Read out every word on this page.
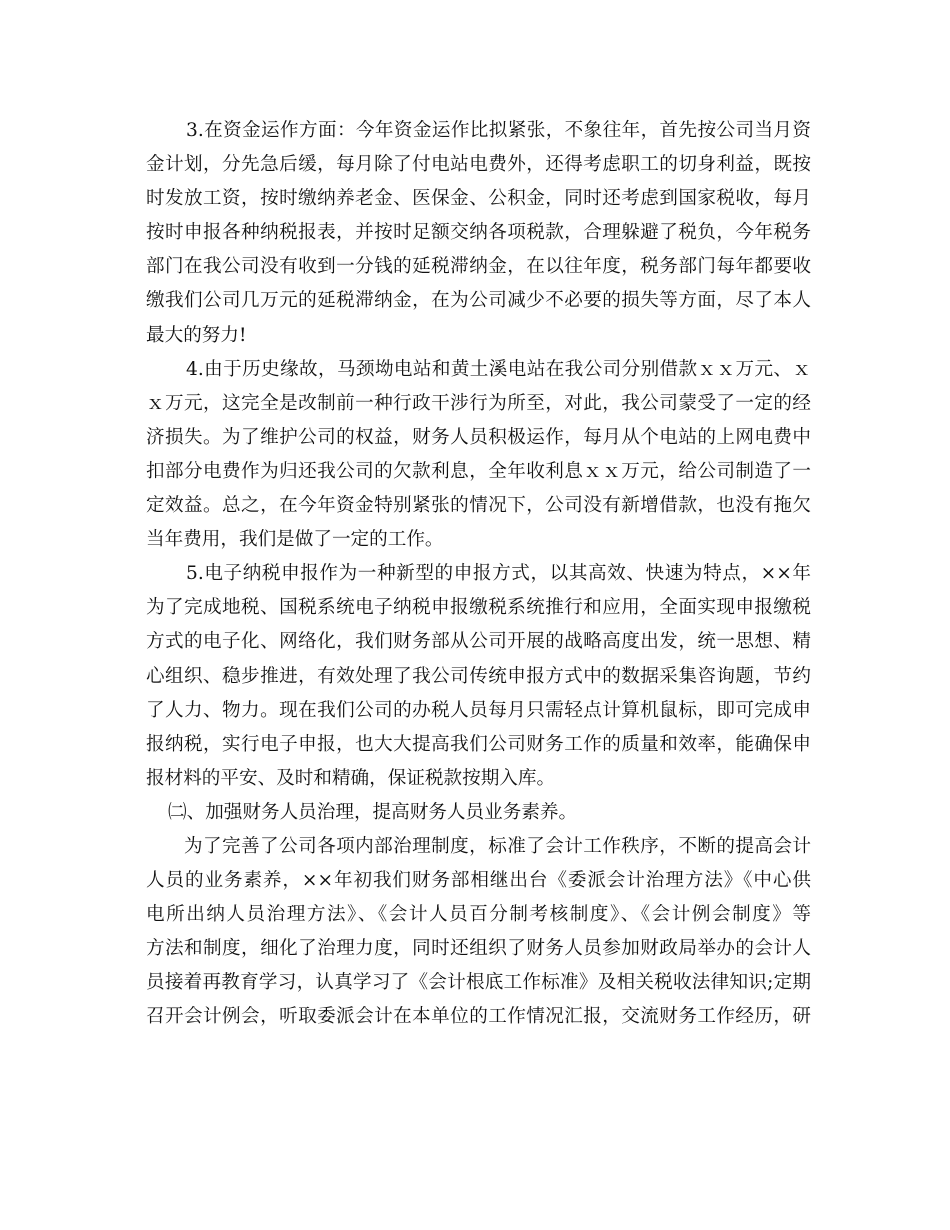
3.在资金运作方面：今年资金运作比拟紧张，不象往年，首先按公司当月资
金计划，分先急后缓，每月除了付电站电费外，还得考虑职工的切身利益，既按
时发放工资，按时缴纳养老金、医保金、公积金，同时还考虑到国家税收，每月
按时申报各种纳税报表，并按时足额交纳各项税款，合理躲避了税负，今年税务
部门在我公司没有收到一分钱的延税滞纳金，在以往年度，税务部门每年都要收
缴我们公司几万元的延税滞纳金，在为公司减少不必要的损失等方面，尽了本人
最大的努力!
4.由于历史缘故，马颈坳电站和黄土溪电站在我公司分别借款ｘｘ万元、ｘ
ｘ万元，这完全是改制前一种行政干涉行为所至，对此，我公司蒙受了一定的经
济损失。为了维护公司的权益，财务人员积极运作，每月从个电站的上网电费中
扣部分电费作为归还我公司的欠款利息，全年收利息ｘｘ万元，给公司制造了一
定效益。总之，在今年资金特别紧张的情况下，公司没有新增借款，也没有拖欠
当年费用，我们是做了一定的工作。
5.电子纳税申报作为一种新型的申报方式，以其高效、快速为特点，××年
为了完成地税、国税系统电子纳税申报缴税系统推行和应用，全面实现申报缴税
方式的电子化、网络化，我们财务部从公司开展的战略高度出发，统一思想、精
心组织、稳步推进，有效处理了我公司传统申报方式中的数据采集咨询题，节约
了人力、物力。现在我们公司的办税人员每月只需轻点计算机鼠标，即可完成申
报纳税，实行电子申报，也大大提高我们公司财务工作的质量和效率，能确保申
报材料的平安、及时和精确，保证税款按期入库。
㈡、加强财务人员治理，提高财务人员业务素养。
为了完善了公司各项内部治理制度，标准了会计工作秩序，不断的提高会计
人员的业务素养，××年初我们财务部相继出台《委派会计治理方法》《中心供
电所出纳人员治理方法》、《会计人员百分制考核制度》、《会计例会制度》等
方法和制度，细化了治理力度，同时还组织了财务人员参加财政局举办的会计人
员接着再教育学习，认真学习了《会计根底工作标准》及相关税收法律知识;定期
召开会计例会，听取委派会计在本单位的工作情况汇报，交流财务工作经历，研
